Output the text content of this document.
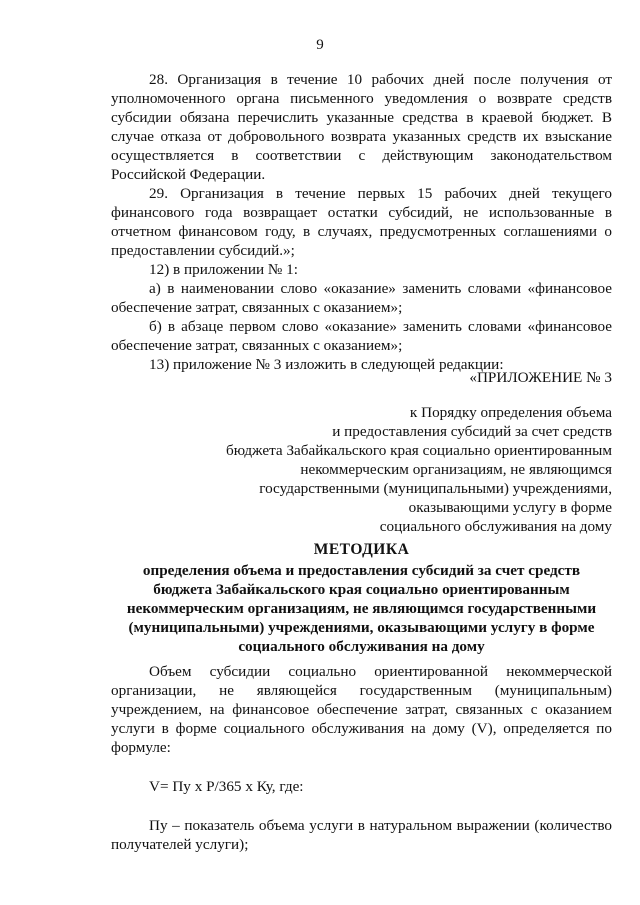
9

28. Организация в течение 10 рабочих дней после получения от уполномоченного органа письменного уведомления о возврате средств субсидии обязана перечислить указанные средства в краевой бюджет. В случае отказа от добровольного возврата указанных средств их взыскание осуществляется в соответствии с действующим законодательством Российской Федерации.

29. Организация в течение первых 15 рабочих дней текущего финансового года возвращает остатки субсидий, не использованные в отчетном финансовом году, в случаях, предусмотренных соглашениями о предоставлении субсидий.»;

12) в приложении № 1:

а) в наименовании слово «оказание» заменить словами «финансовое обеспечение затрат, связанных с оказанием»;

б) в абзаце первом слово «оказание» заменить словами «финансовое обеспечение затрат, связанных с оказанием»;

13) приложение № 3 изложить в следующей редакции:

«ПРИЛОЖЕНИЕ № 3
к Порядку определения объема
и предоставления субсидий за счет средств
бюджета Забайкальского края социально ориентированным
некоммерческим организациям, не являющимся
государственными (муниципальными) учреждениями,
оказывающими услугу в форме
социального обслуживания на дому
МЕТОДИКА
определения объема и предоставления субсидий за счет средств
бюджета Забайкальского края социально ориентированным
некоммерческим организациям, не являющимся государственными
(муниципальными) учреждениями, оказывающими услугу в форме
социального обслуживания на дому

Объем субсидии социально ориентированной некоммерческой организации, не являющейся государственным (муниципальным) учреждением, на финансовое обеспечение затрат, связанных с оказанием услуги в форме социального обслуживания на дому (V), определяется по формуле:

V= Пу х Р/365 х Ку, где:

Пу – показатель объема услуги в натуральном выражении (количество получателей услуги);
